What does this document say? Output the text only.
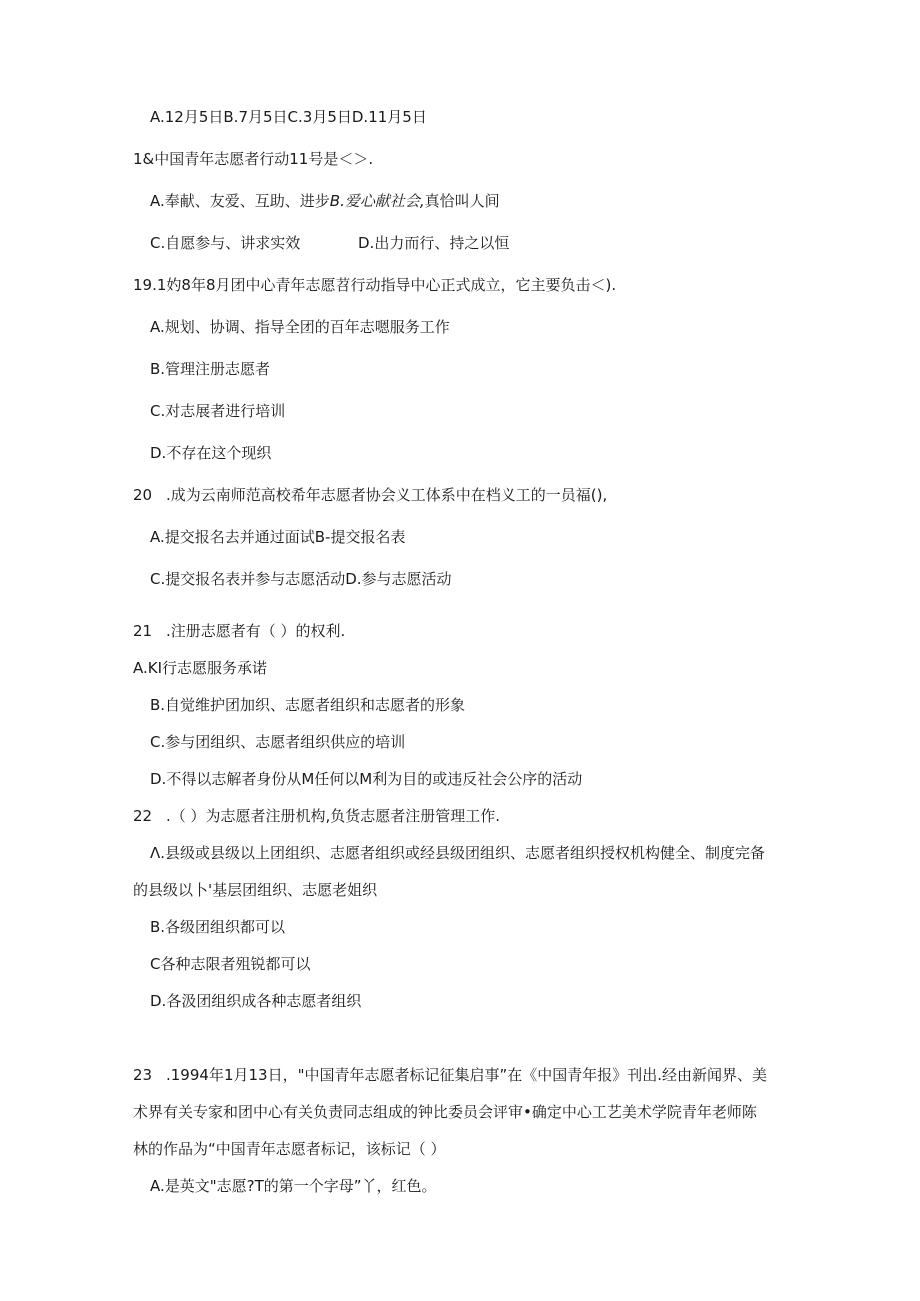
A.12月5日B.7月5日C.3月5日D.11月5日
1&中国青年志愿者行动11号是＜＞.
A.奉献、友爱、互助、进步B.爱心献社会,真恰叫人间
C.自愿参与、讲求实效	D.出力而行、持之以恒
19.1妁8年8月团中心青年志愿苕行动指导中心正式成立，它主要负击＜).
A.规划、协调、指导全团的百年志嗯服务工作
B.管理注册志愿者
C.对志展者进行培训
D.不存在这个现织
20 .成为云南师范高校希年志愿者协会义工体系中在档义工的一员福(),
A.提交报名去并通过面试B-提交报名表
C.提交报名表并参与志愿活动D.参与志愿活动
21 .注册志愿者有（ ）的权利.
A.KI行志愿服务承诺
B.自觉维护团加织、志愿者组织和志愿者的形象
C.参与团组织、志愿者组织供应的培训
D.不得以志解者身份从M任何以M利为目的或违反社会公序的活动
22 .（ ）为志愿者注册机构,负货志愿者注册管理工作.
Λ.县级或县级以上团组织、志愿者组织或经县级团组织、志愿者组织授权机构健全、制度完备
的县级以卜'基层团组织、志愿老姐织
B.各级团组织都可以
C各种志限者殂锐都可以
D.各汲团组织成各种志愿者组织
23 .1994年1月13日，"中国青年志愿者标记征集启事”在《中国青年报》刊出.经由新闻界、美
术界有关专家和团中心有关负责同志组成的钟比委员会评审•确定中心工艺美术学院青年老师陈
林的作品为“中国青年志愿者标记，该标记（ ）
A.是英文"志愿?T的第一个字母”丫，红色。
